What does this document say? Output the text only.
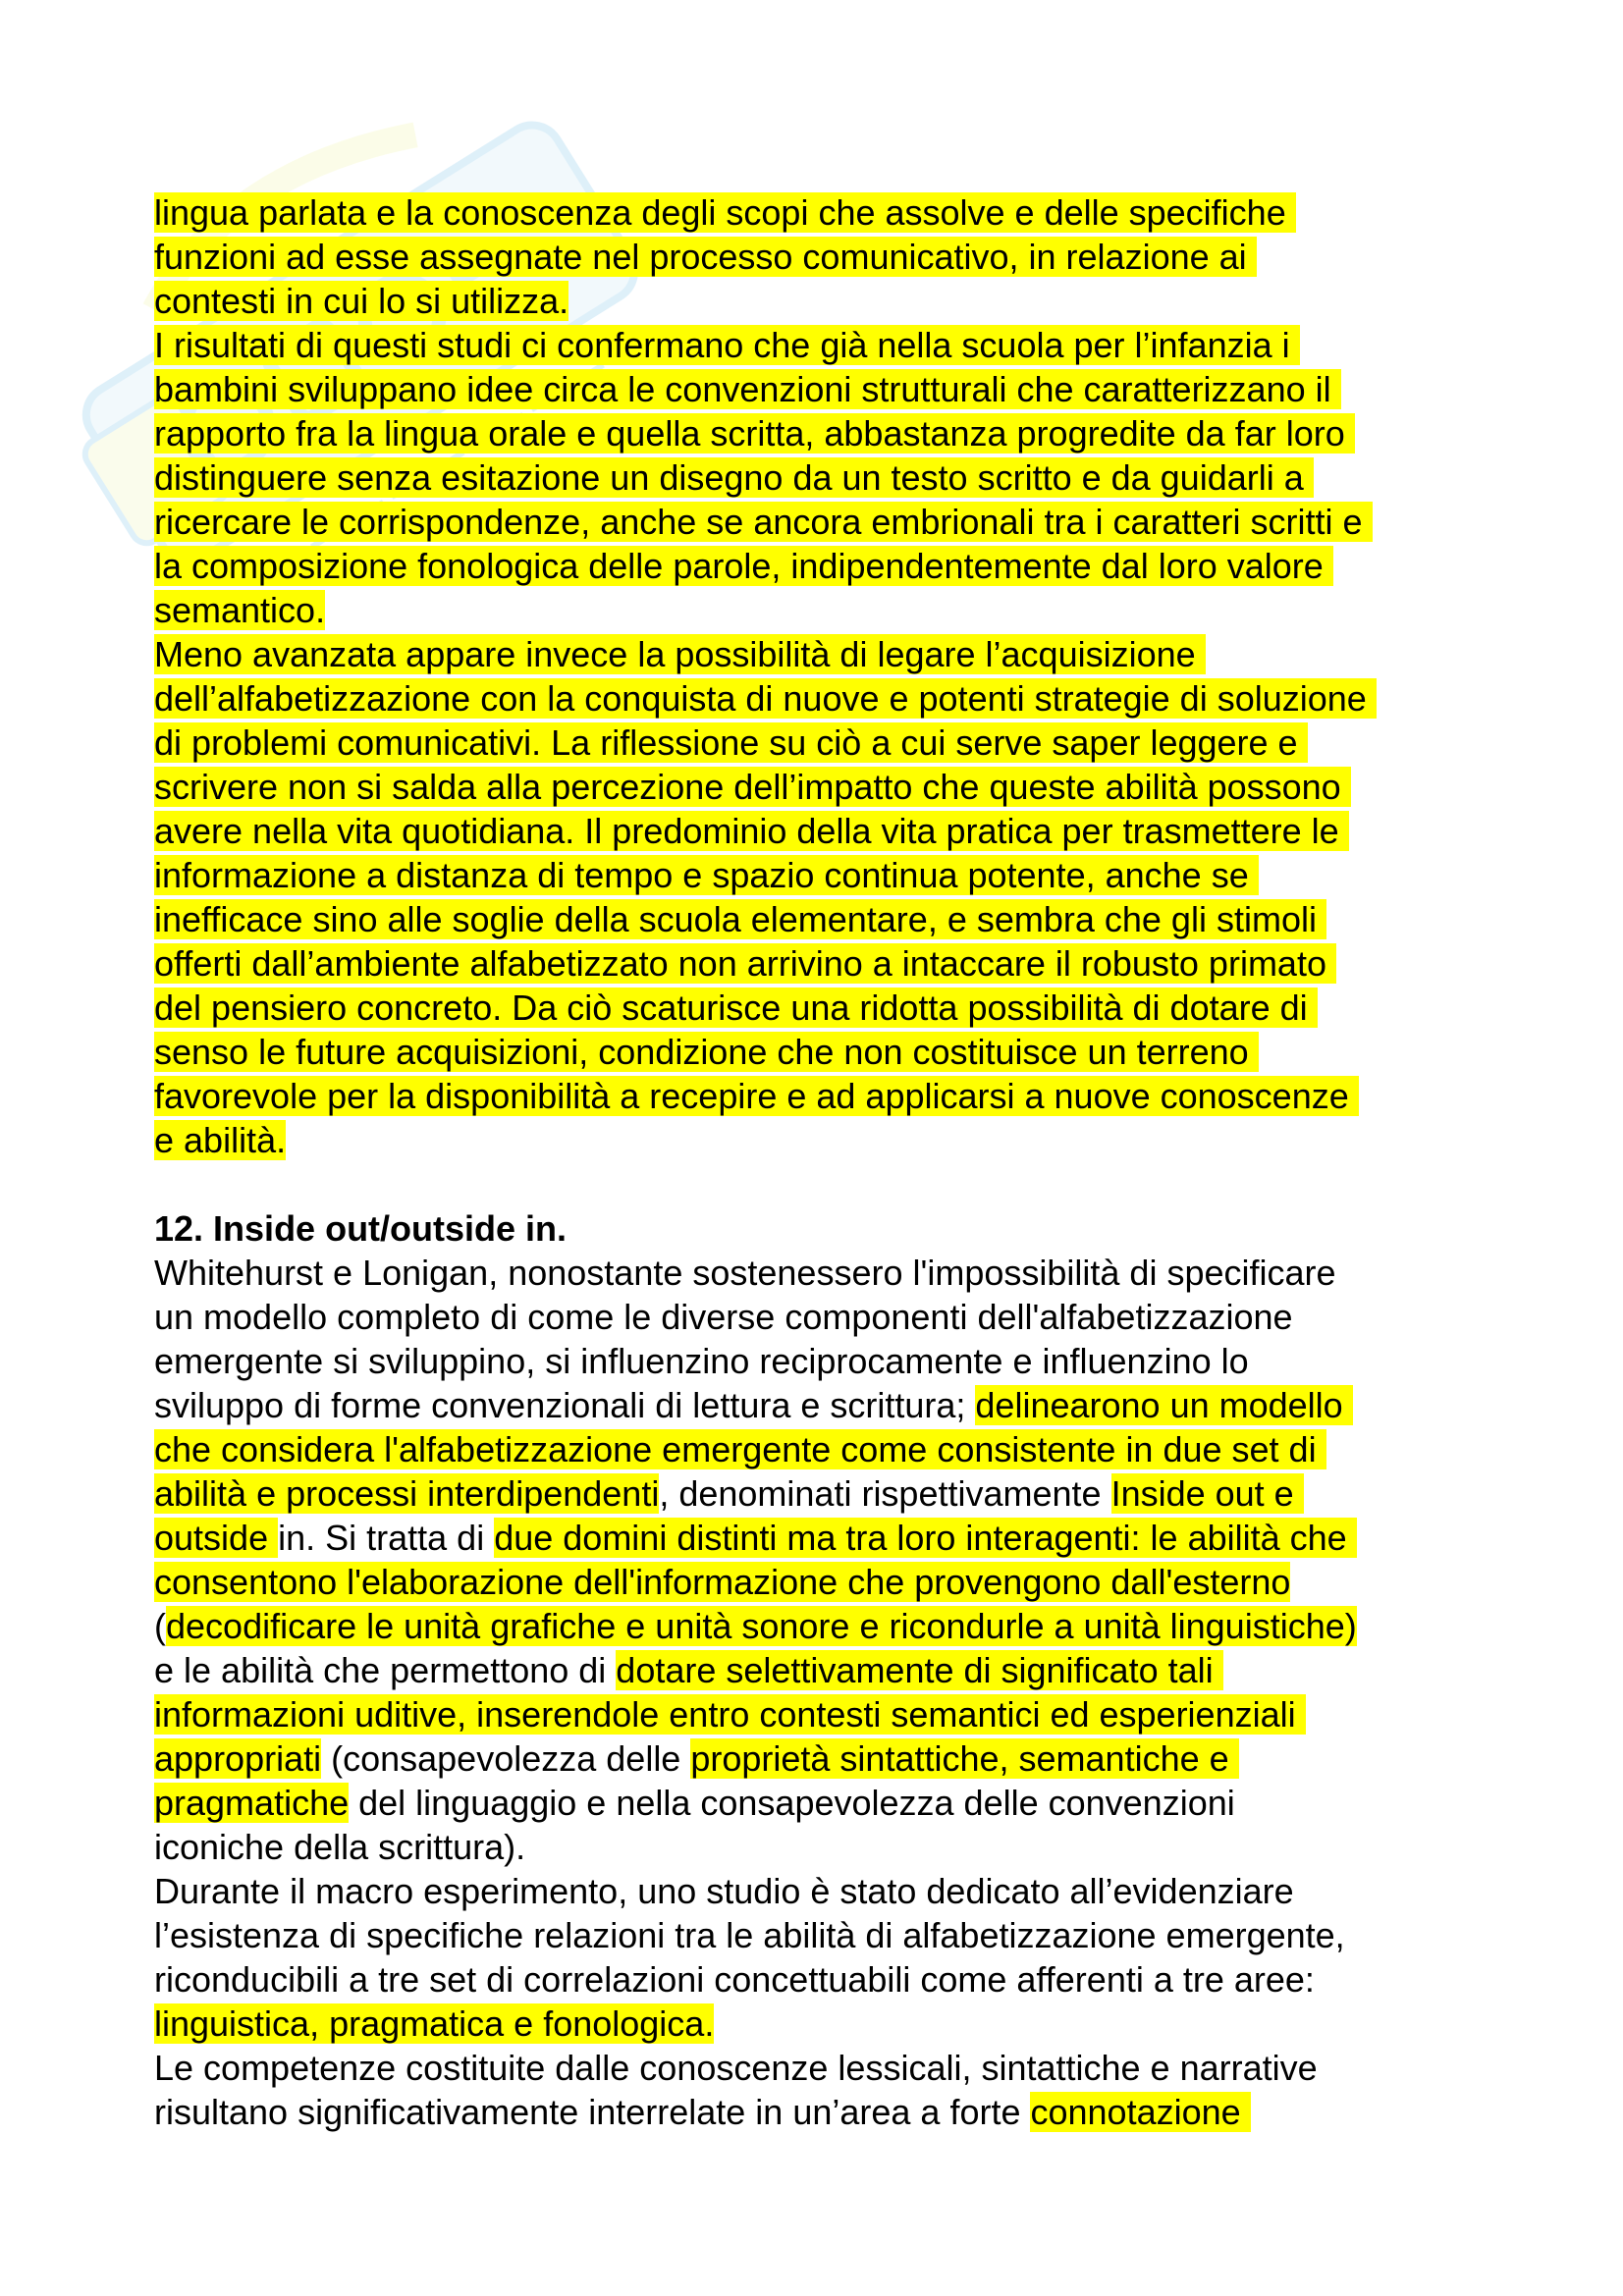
lingua parlata e la conoscenza degli scopi che assolve e delle specifiche
funzioni ad esse assegnate nel processo comunicativo, in relazione ai
contesti in cui lo si utilizza.
I risultati di questi studi ci confermano che già nella scuola per l’infanzia i
bambini sviluppano idee circa le convenzioni strutturali che caratterizzano il
rapporto fra la lingua orale e quella scritta, abbastanza progredite da far loro
distinguere senza esitazione un disegno da un testo scritto e da guidarli a
ricercare le corrispondenze, anche se ancora embrionali tra i caratteri scritti e
la composizione fonologica delle parole, indipendentemente dal loro valore
semantico.
Meno avanzata appare invece la possibilità di legare l’acquisizione
dell’alfabetizzazione con la conquista di nuove e potenti strategie di soluzione
di problemi comunicativi. La riflessione su ciò a cui serve saper leggere e
scrivere non si salda alla percezione dell’impatto che queste abilità possono
avere nella vita quotidiana. Il predominio della vita pratica per trasmettere le
informazione a distanza di tempo e spazio continua potente, anche se
inefficace sino alle soglie della scuola elementare, e sembra che gli stimoli
offerti dall’ambiente alfabetizzato non arrivino a intaccare il robusto primato
del pensiero concreto. Da ciò scaturisce una ridotta possibilità di dotare di
senso le future acquisizioni, condizione che non costituisce un terreno
favorevole per la disponibilità a recepire e ad applicarsi a nuove conoscenze
e abilità.
12. Inside out/outside in.
Whitehurst e Lonigan, nonostante sostenessero l'impossibilità di specificare
un modello completo di come le diverse componenti dell'alfabetizzazione
emergente si sviluppino, si influenzino reciprocamente e influenzino lo
sviluppo di forme convenzionali di lettura e scrittura; delinearono un modello
che considera l'alfabetizzazione emergente come consistente in due set di
abilità e processi interdipendenti, denominati rispettivamente Inside out e
outside in. Si tratta di due domini distinti ma tra loro interagenti: le abilità che
consentono l'elaborazione dell'informazione che provengono dall'esterno
(decodificare le unità grafiche e unità sonore e ricondurle a unità linguistiche)
e le abilità che permettono di dotare selettivamente di significato tali
informazioni uditive, inserendole entro contesti semantici ed esperienziali
appropriati (consapevolezza delle proprietà sintattiche, semantiche e
pragmatiche del linguaggio e nella consapevolezza delle convenzioni
iconiche della scrittura).
Durante il macro esperimento, uno studio è stato dedicato all’evidenziare
l’esistenza di specifiche relazioni tra le abilità di alfabetizzazione emergente,
riconducibili a tre set di correlazioni concettuabili come afferenti a tre aree:
linguistica, pragmatica e fonologica.
Le competenze costituite dalle conoscenze lessicali, sintattiche e narrative
risultano significativamente interrelate in un’area a forte connotazione
